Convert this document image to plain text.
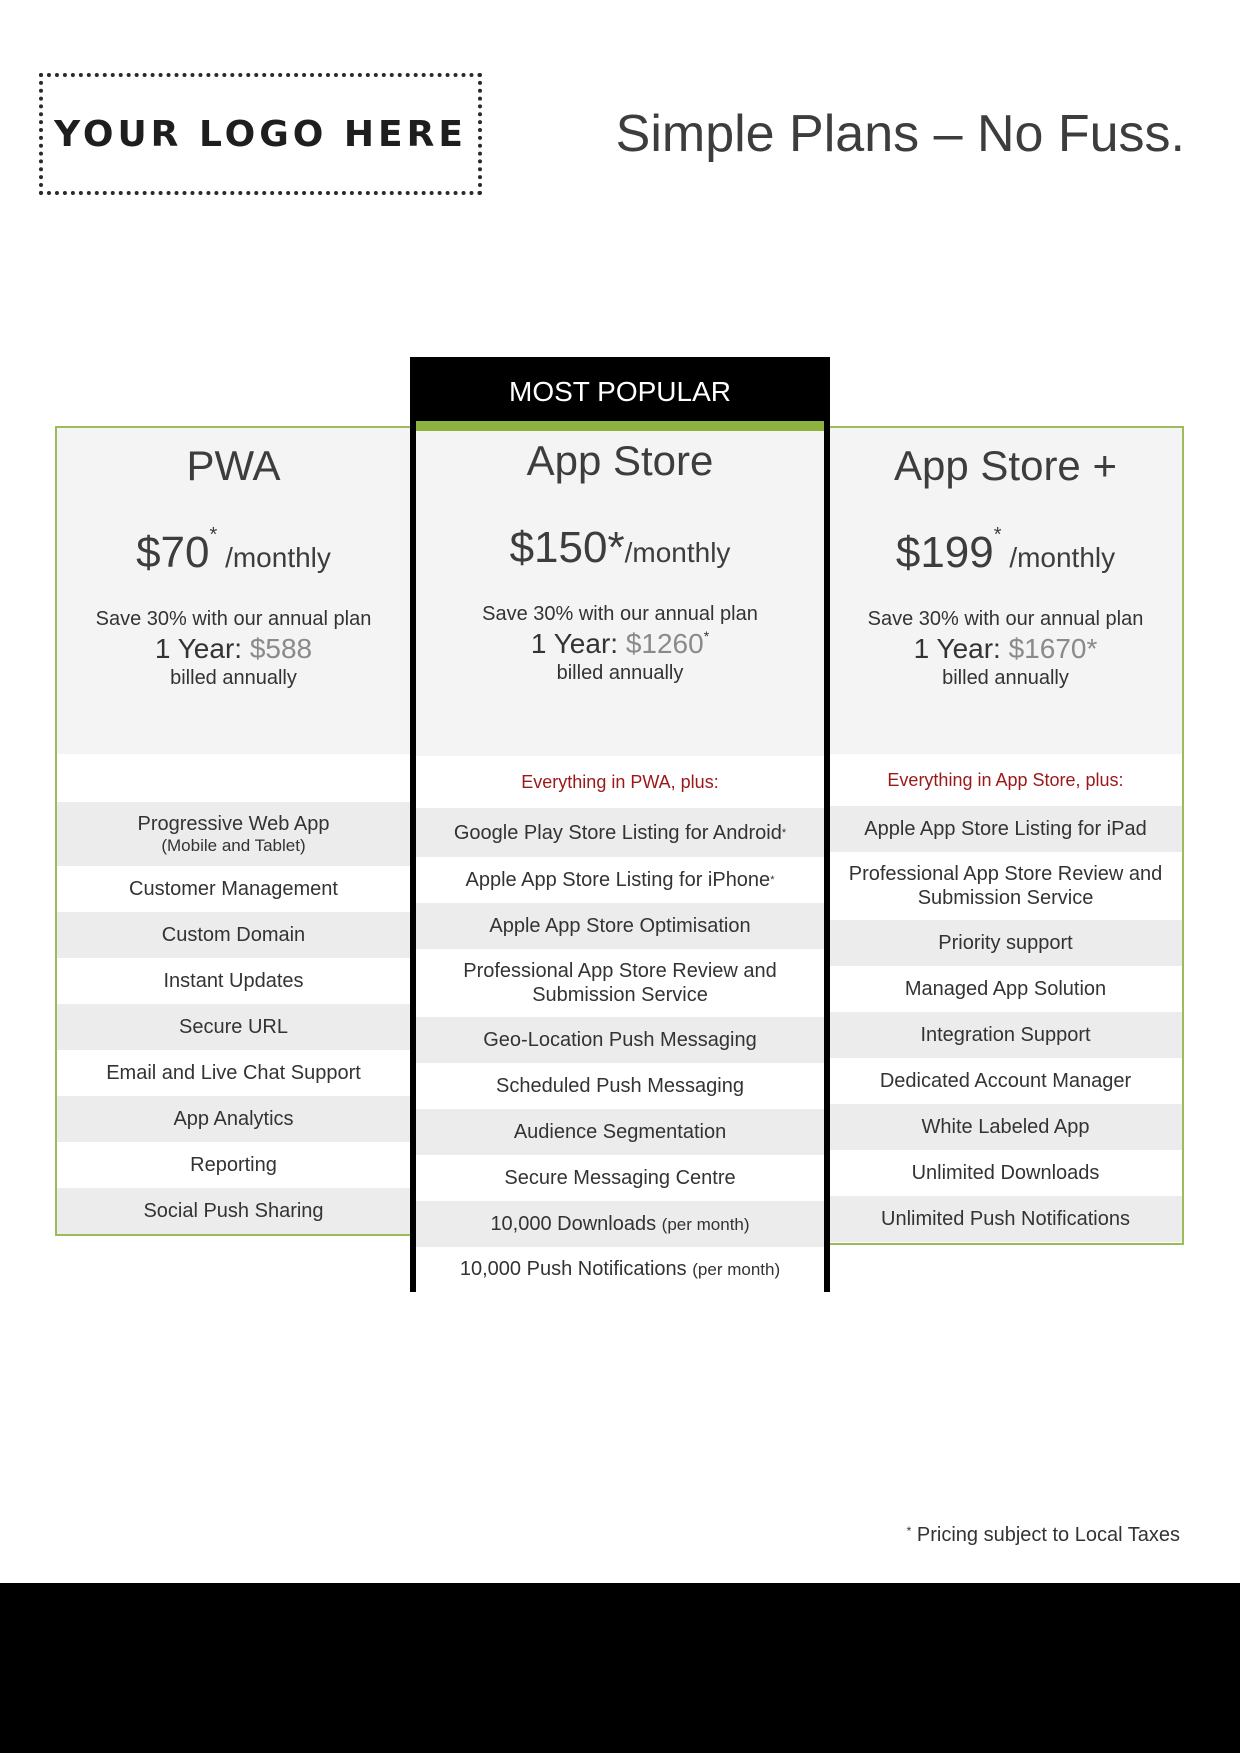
YOUR LOGO HERE	Simple Plans – No Fuss.
PWA
$70* /monthly
Save 30% with our annual plan
1 Year: $588
billed annually
Progressive Web App
(Mobile and Tablet)
Customer Management
Custom Domain
Instant Updates
Secure URL
Email and Live Chat Support
App Analytics
Reporting
Social Push Sharing
MOST POPULAR
App Store
$150*/monthly
Save 30% with our annual plan
1 Year: $1260*
billed annually
Everything in PWA, plus:
Google Play Store Listing for Android*
Apple App Store Listing for iPhone*
Apple App Store Optimisation
Professional App Store Review and Submission Service
Geo-Location Push Messaging
Scheduled Push Messaging
Audience Segmentation
Secure Messaging Centre
10,000 Downloads (per month)
10,000 Push Notifications (per month)
App Store +
$199* /monthly
Save 30% with our annual plan
1 Year: $1670*
billed annually
Everything in App Store, plus:
Apple App Store Listing for iPad
Professional App Store Review and Submission Service
Priority support
Managed App Solution
Integration Support
Dedicated Account Manager
White Labeled App
Unlimited Downloads
Unlimited Push Notifications
* Pricing subject to Local Taxes
